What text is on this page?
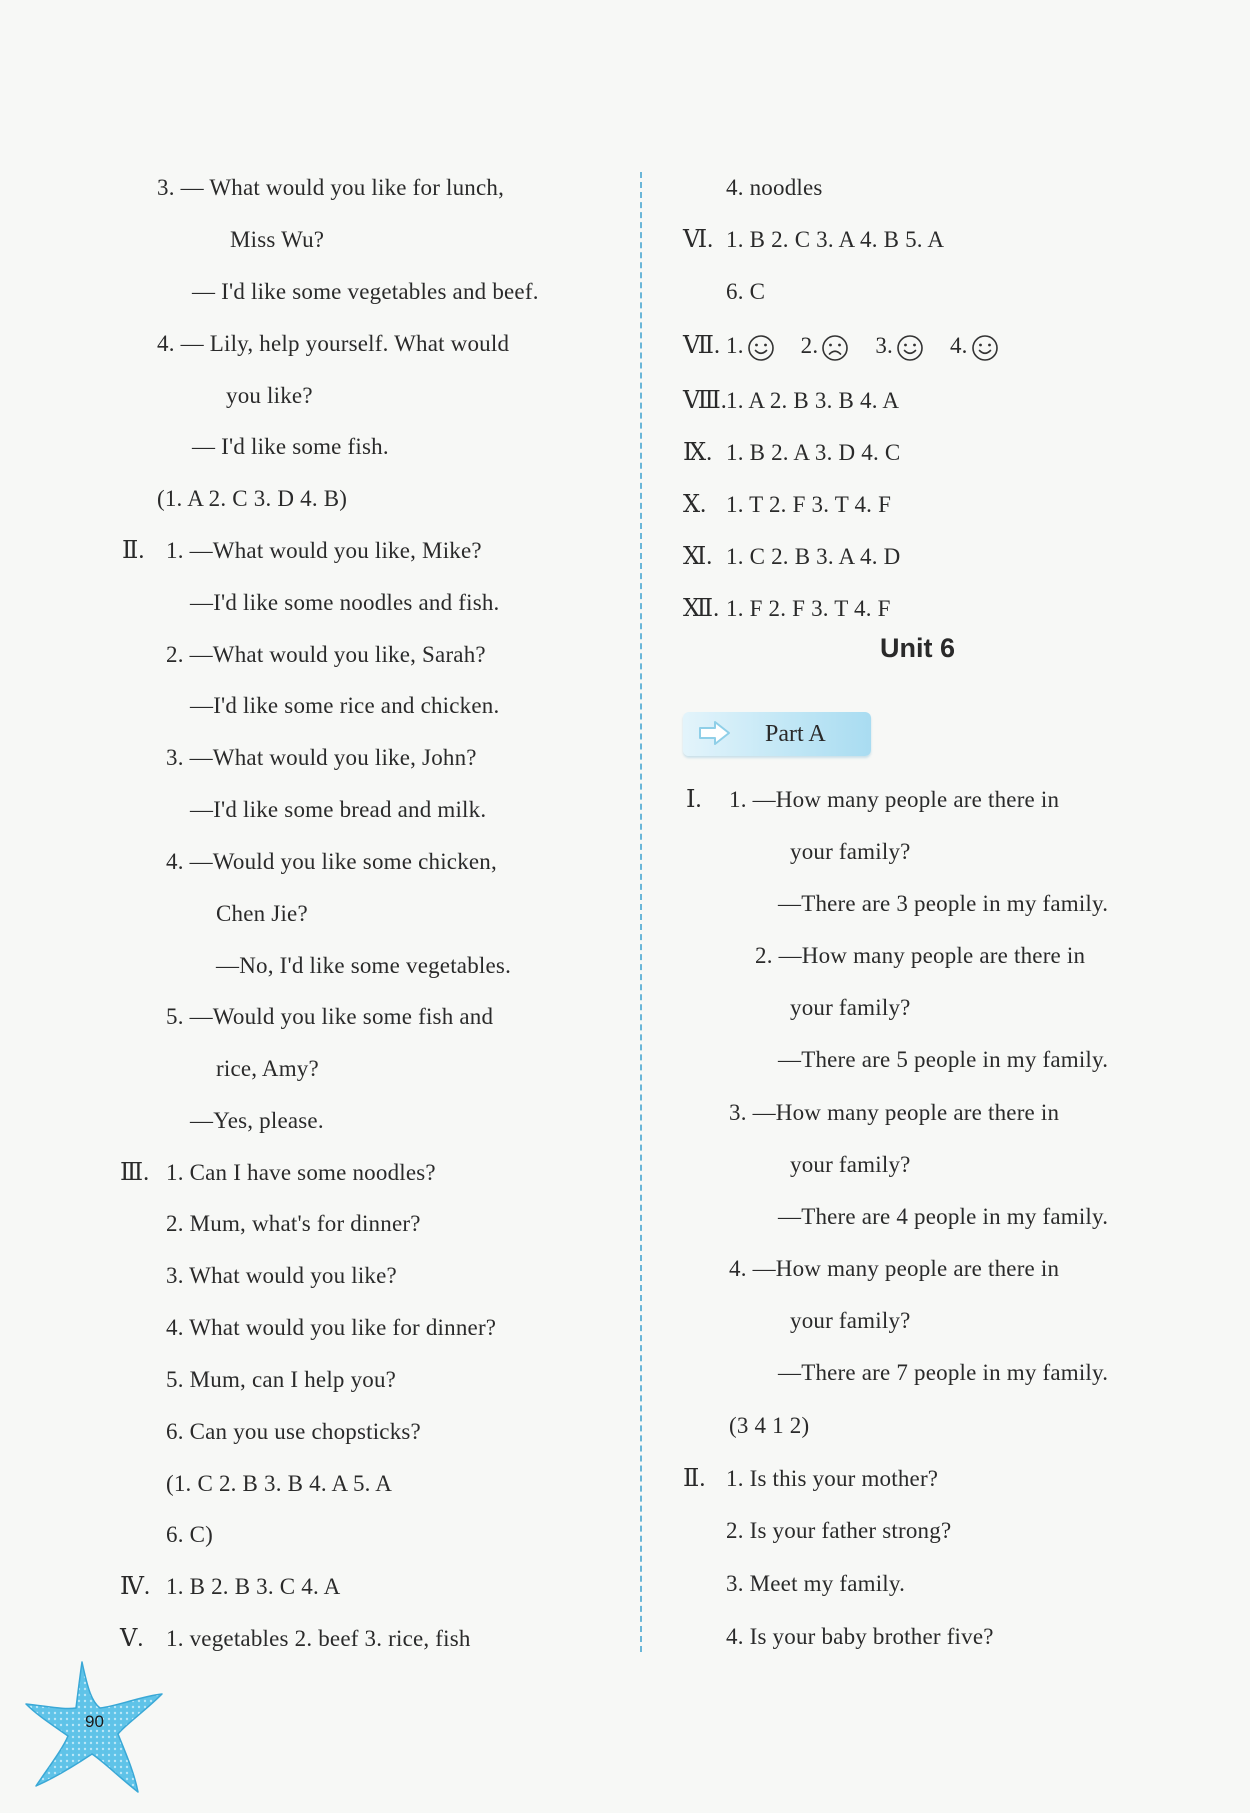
3. — What would you like for lunch,
Miss Wu?
— I'd like some vegetables and beef.
4. — Lily, help yourself. What would
you like?
— I'd like some fish.
(1. A 2. C 3. D 4. B)
Ⅱ. 1. —What would you like, Mike?
—I'd like some noodles and fish.
2. —What would you like, Sarah?
—I'd like some rice and chicken.
3. —What would you like, John?
—I'd like some bread and milk.
4. —Would you like some chicken,
Chen Jie?
—No, I'd like some vegetables.
5. —Would you like some fish and
rice, Amy?
—Yes, please.
Ⅲ. 1. Can I have some noodles?
2. Mum, what's for dinner?
3. What would you like?
4. What would you like for dinner?
5. Mum, can I help you?
6. Can you use chopsticks?
(1. C 2. B 3. B 4. A 5. A
6. C)
Ⅳ. 1. B 2. B 3. C 4. A
Ⅴ. 1. vegetables 2. beef 3. rice, fish
4. noodles
Ⅵ. 1. B 2. C 3. A 4. B 5. A
6. C
Ⅶ. 1. 2. 3. 4.
Ⅷ. 1. A 2. B 3. B 4. A
Ⅸ. 1. B 2. A 3. D 4. C
Ⅹ. 1. T 2. F 3. T 4. F
Ⅺ. 1. C 2. B 3. A 4. D
Ⅻ. 1. F 2. F 3. T 4. F
Unit 6
Part A
Ⅰ. 1. —How many people are there in
your family?
—There are 3 people in my family.
2. —How many people are there in
your family?
—There are 5 people in my family.
3. —How many people are there in
your family?
—There are 4 people in my family.
4. —How many people are there in
your family?
—There are 7 people in my family.
(3 4 1 2)
Ⅱ. 1. Is this your mother?
2. Is your father strong?
3. Meet my family.
4. Is your baby brother five?
90
